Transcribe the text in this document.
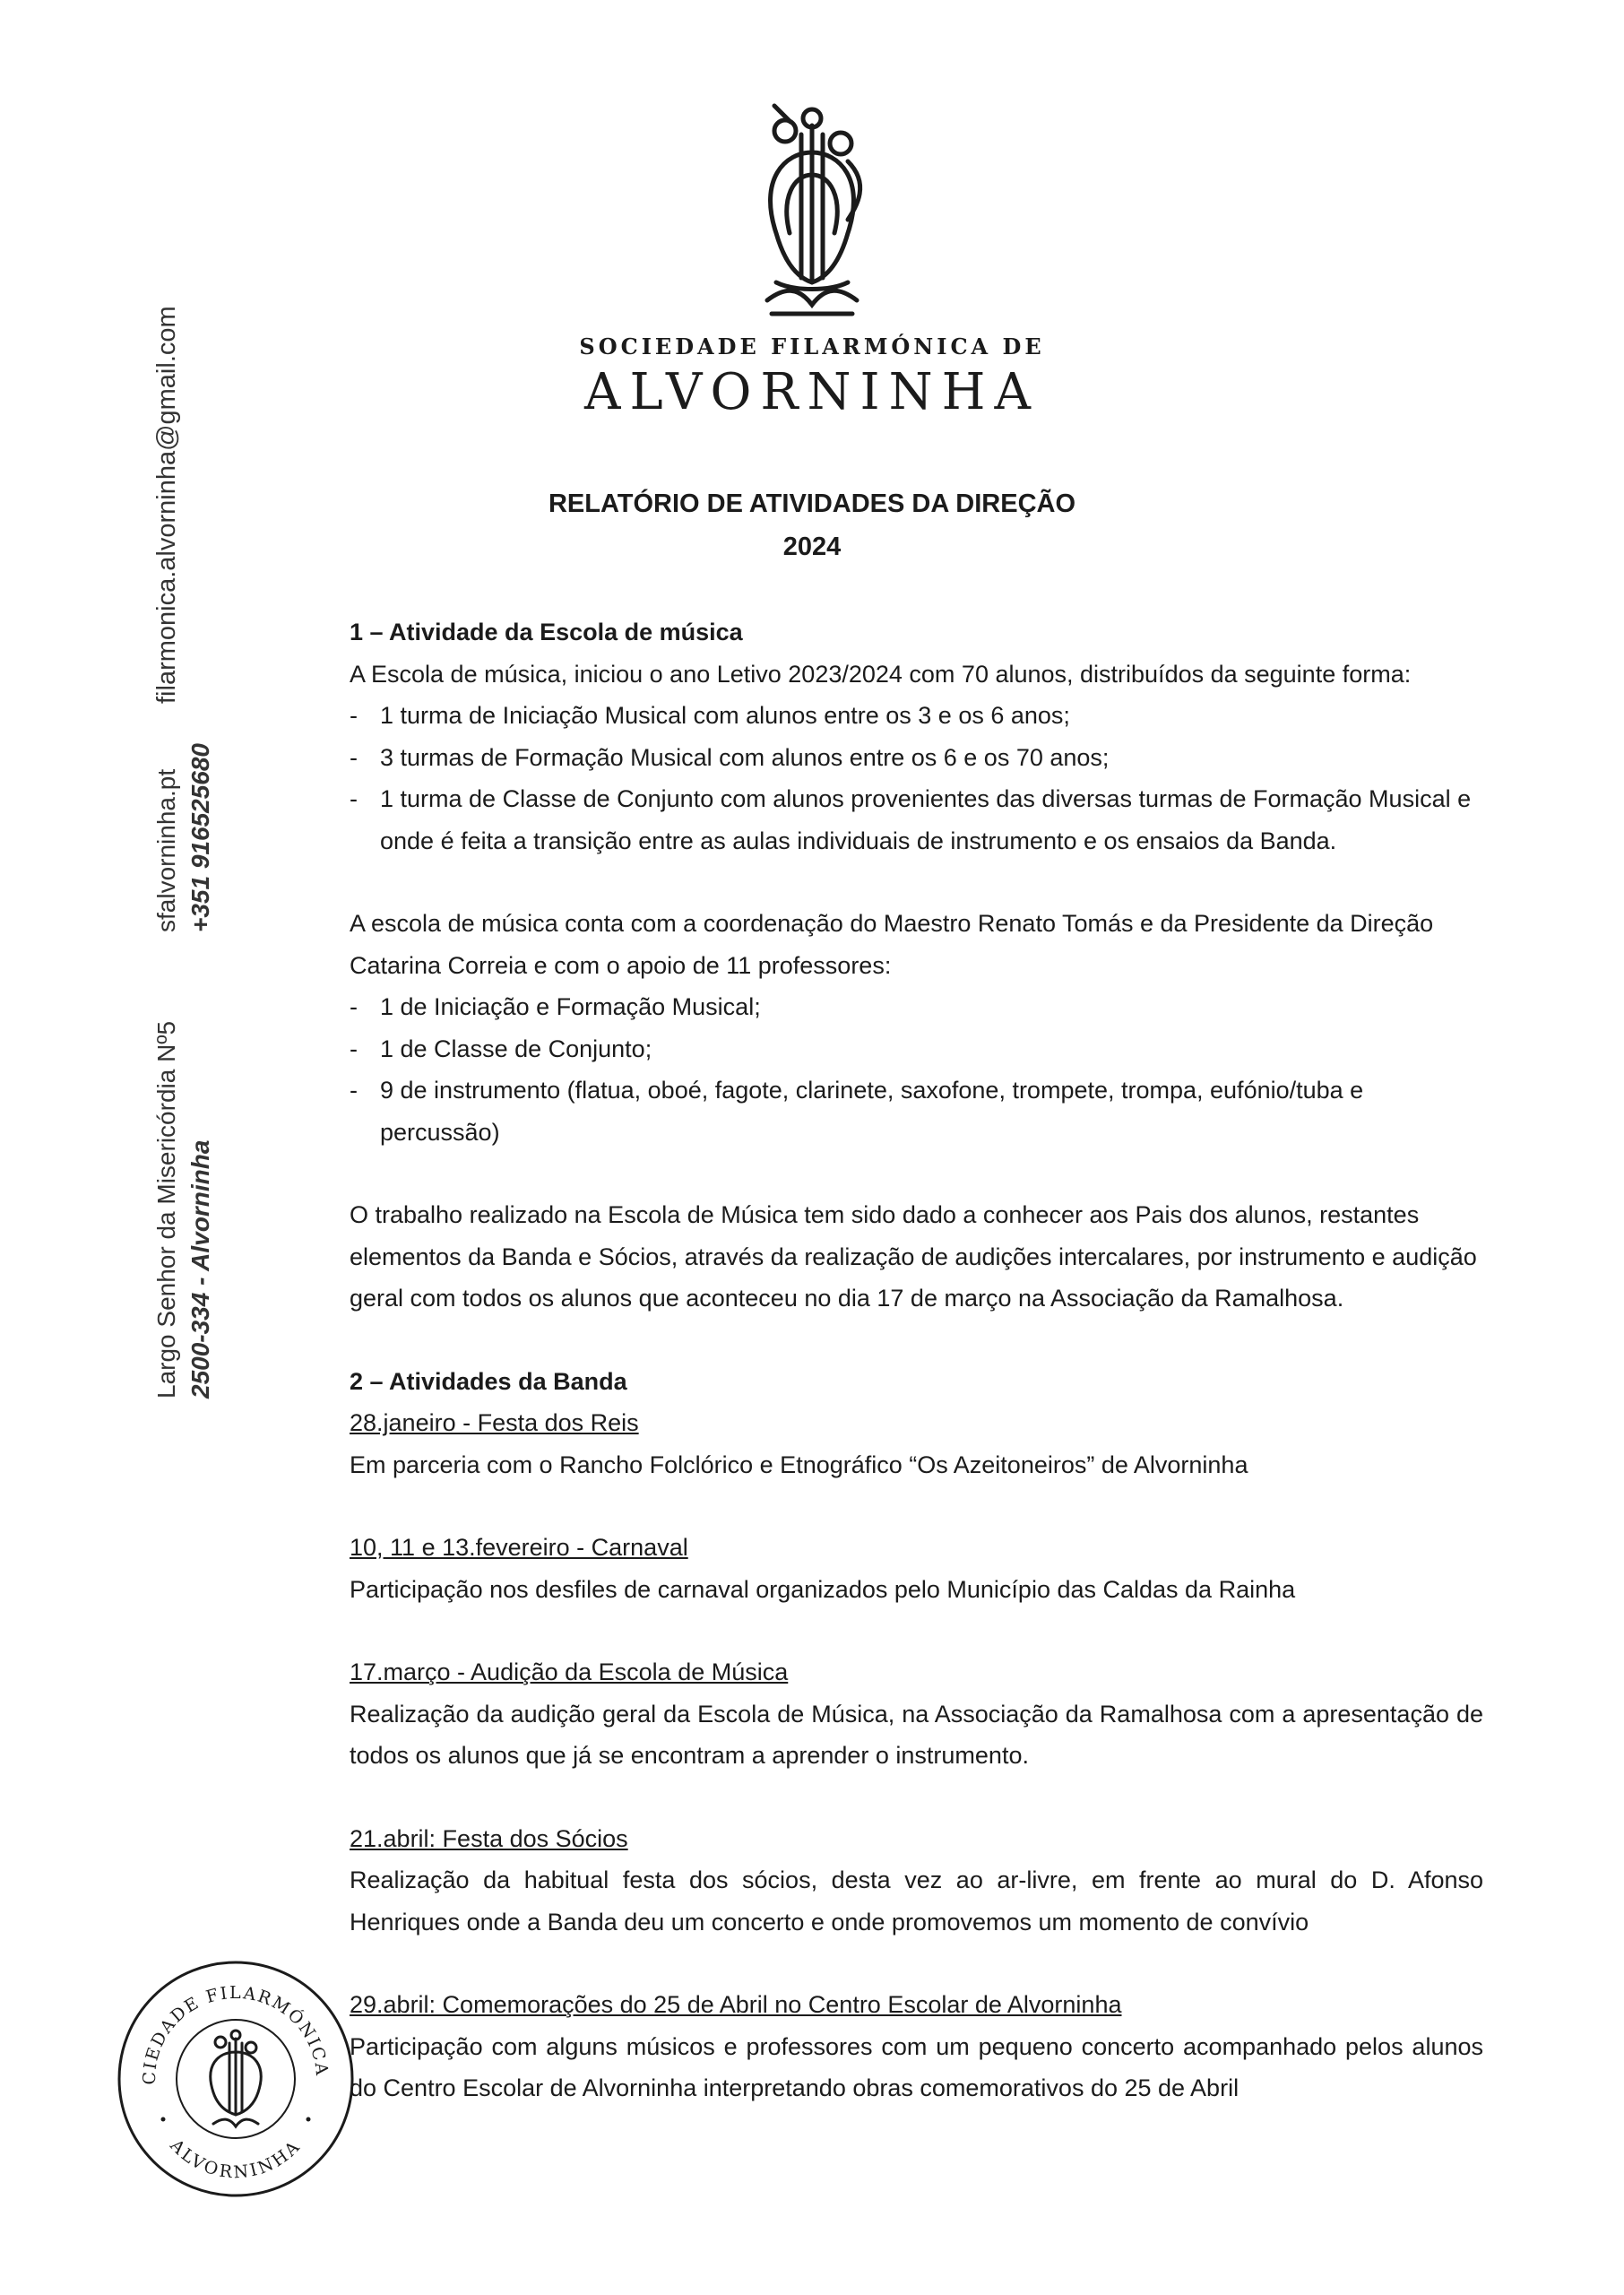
SOCIEDADE FILARMÓNICA DE
ALVORNINHA
Largo Senhor da Misericórdia Nº5 2500-334 - Alvorninha
sfalvorninha.pt +351 916525680
filarmonica.alvorninha@gmail.com	RELATÓRIO DE ATIVIDADES DA DIREÇÃO
2024

1 – Atividade da Escola de música

A Escola de música, iniciou o ano Letivo 2023/2024 com 70 alunos, distribuídos da seguinte forma:

- 1 turma de Iniciação Musical com alunos entre os 3 e os 6 anos;
- 3 turmas de Formação Musical com alunos entre os 6 e os 70 anos;
- 1 turma de Classe de Conjunto com alunos provenientes das diversas turmas de Formação Musical e onde é feita a transição entre as aulas individuais de instrumento e os ensaios da Banda.

A escola de música conta com a coordenação do Maestro Renato Tomás e da Presidente da Direção Catarina Correia e com o apoio de 11 professores:

- 1 de Iniciação e Formação Musical;
- 1 de Classe de Conjunto;
- 9 de instrumento (flatua, oboé, fagote, clarinete, saxofone, trompete, trompa, eufónio/tuba e percussão)

O trabalho realizado na Escola de Música tem sido dado a conhecer aos Pais dos alunos, restantes elementos da Banda e Sócios, através da realização de audições intercalares, por instrumento e audição geral com todos os alunos que aconteceu no dia 17 de março na Associação da Ramalhosa.

2 – Atividades da Banda

28.janeiro - Festa dos Reis

Em parceria com o Rancho Folclórico e Etnográfico “Os Azeitoneiros” de Alvorninha

10, 11 e 13.fevereiro - Carnaval

Participação nos desfiles de carnaval organizados pelo Município das Caldas da Rainha

17.março - Audição da Escola de Música

Realização da audição geral da Escola de Música, na Associação da Ramalhosa com a apresentação de todos os alunos que já se encontram a aprender o instrumento.

21.abril: Festa dos Sócios

Realização da habitual festa dos sócios, desta vez ao ar-livre, em frente ao mural do D. Afonso Henriques onde a Banda deu um concerto e onde promovemos um momento de convívio

29.abril: Comemorações do 25 de Abril no Centro Escolar de Alvorninha

Participação com alguns músicos e professores com um pequeno concerto acompanhado pelos alunos do Centro Escolar de Alvorninha interpretando obras comemorativos do 25 de Abril

CIEDADE FILARMÓNICA
ALVORNINHA
